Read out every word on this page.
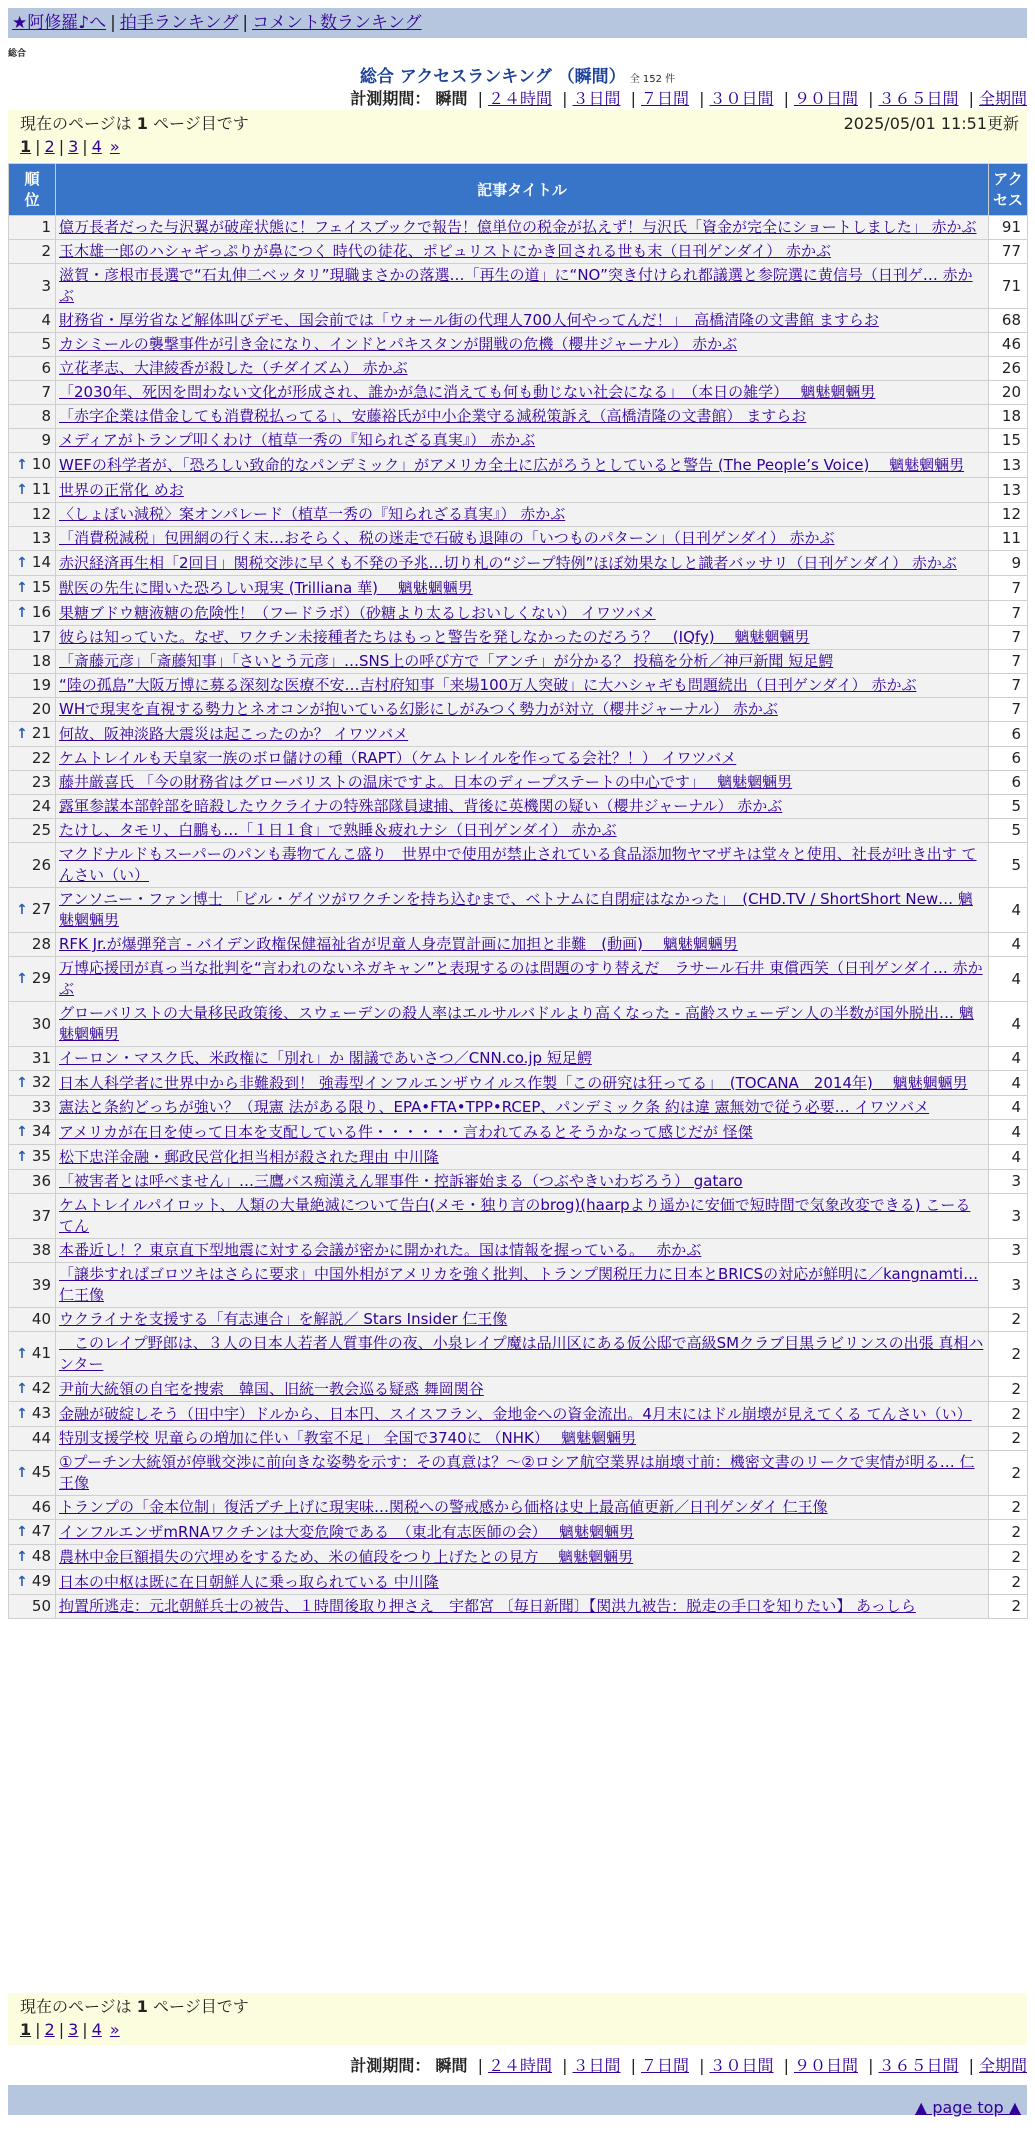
★阿修羅♪へ | 拍手ランキング | コメント数ランキング
総合
総合 アクセスランキング （瞬間） 全 152 件
計測期間： 瞬間 | ２４時間 | ３日間 | ７日間 | ３０日間 | ９０日間 | ３６５日間 | 全期間
現在のページは 1 ページ目です	2025/05/01 11:51更新
1 | 2 | 3 | 4 »
順位	記事タイトル	アクセス

1	億万長者だった与沢翼が破産状態に！フェイスブックで報告！億単位の税金が払えず！与沢氏「資金が完全にショートしました」 赤かぶ	91
2	玉木雄一郎のハシャギっぷりが鼻につく 時代の徒花、ポピュリストにかき回される世も末（日刊ゲンダイ） 赤かぶ	77
3	滋賀・彦根市長選で“石丸伸二ベッタリ”現職まさかの落選…「再生の道」に“NO”突き付けられ都議選と参院選に黄信号（日刊ゲ… 赤かぶ	71
4	財務省・厚労省など解体叫びデモ、国会前では「ウォール街の代理人700人何やってんだ！」　高橋清隆の文書館 ますらお	68
5	カシミールの襲撃事件が引き金になり、インドとパキスタンが開戦の危機（櫻井ジャーナル） 赤かぶ	46
6	立花孝志、大津綾香が殺した（チダイズム） 赤かぶ	26
7	「2030年、死因を問わない文化が形成され、誰かが急に消えても何も動じない社会になる」　（本日の雑学）　 魑魅魍魎男	20
8	「赤字企業は借金しても消費税払ってる」、安藤裕氏が中小企業守る減税策訴え（高橋清隆の文書館） ますらお	18
9	メディアがトランプ叩くわけ（植草一秀の『知られざる真実』） 赤かぶ	15
↑ 10	WEFの科学者が、「恐ろしい致命的なパンデミック」がアメリカ全土に広がろうとしていると警告 (The People’s Voice)　 魑魅魍魎男	13
↑ 11	世界の正常化 めお	13
12	〈しょぼい減税〉案オンパレード（植草一秀の『知られざる真実』） 赤かぶ	12
13	「消費税減税」包囲網の行く末…おそらく、税の迷走で石破も退陣の「いつものパターン」（日刊ゲンダイ） 赤かぶ	11
↑ 14	赤沢経済再生相「2回目」関税交渉に早くも不発の予兆…切り札の“ジープ特例”ほぼ効果なしと識者バッサリ（日刊ゲンダイ） 赤かぶ	9
↑ 15	獣医の先生に聞いた恐ろしい現実 (Trilliana 華)　 魑魅魍魎男	7
↑ 16	果糖ブドウ糖液糖の危険性！（フードラボ）（砂糖より太るしおいしくない） イワツバメ	7
17	彼らは知っていた。なぜ、ワクチン未接種者たちはもっと警告を発しなかったのだろう？　(IQfy)　 魑魅魍魎男	7
18	「斎藤元彦」「斎藤知事」「さいとう元彦」…SNS上の呼び方で「アンチ」が分かる？ 投稿を分析／神戸新聞 短足鰐	7
19	“陸の孤島”大阪万博に募る深刻な医療不安…吉村府知事「来場100万人突破」に大ハシャギも問題続出（日刊ゲンダイ） 赤かぶ	7
20	WHで現実を直視する勢力とネオコンが抱いている幻影にしがみつく勢力が対立（櫻井ジャーナル） 赤かぶ	7
↑ 21	何故、阪神淡路大震災は起こったのか？ イワツバメ	6
22	ケムトレイルも天皇家一族のボロ儲けの種（RAPT）（ケムトレイルを作ってる会社？！） イワツバメ	6
23	藤井厳喜氏 「今の財務省はグローバリストの温床ですよ。日本のディープステートの中心です」　 魑魅魍魎男	6
24	露軍参謀本部幹部を暗殺したウクライナの特殊部隊員逮捕、背後に英機関の疑い（櫻井ジャーナル） 赤かぶ	5
25	たけし、タモリ、白鵬も…「１日１食」で熟睡＆疲れナシ（日刊ゲンダイ） 赤かぶ	5
26	マクドナルドもスーパーのパンも毒物てんこ盛り　世界中で使用が禁止されている食品添加物ヤマザキは堂々と使用、社長が吐き出す てんさい（い）	5
↑ 27	アンソニー・ファン博士 「ビル・ゲイツがワクチンを持ち込むまで、ベトナムに自閉症はなかった」　(CHD.TV / ShortShort New… 魑魅魍魎男	4
28	RFK Jr.が爆弾発言 - バイデン政権保健福祉省が児童人身売買計画に加担と非難　(動画)　 魑魅魍魎男	4
↑ 29	万博応援団が真っ当な批判を“言われのないネガキャン”と表現するのは問題のすり替えだ　ラサール石井 東償西笑（日刊ゲンダイ… 赤かぶ	4
30	グローバリストの大量移民政策後、スウェーデンの殺人率はエルサルバドルより高くなった - 高齢スウェーデン人の半数が国外脱出… 魑魅魍魎男	4
31	イーロン・マスク氏、米政権に「別れ」か 閣議であいさつ／CNN.co.jp 短足鰐	4
↑ 32	日本人科学者に世界中から非難殺到！ 強毒型インフルエンザウイルス作製「この研究は狂ってる」　(TOCANA　2014年)　 魑魅魍魎男	4
33	憲法と条約どっちが強い？（現憲 法がある限り、EPA•FTA•TPP•RCEP、パンデミック条 約は違 憲無効で従う必要… イワツバメ	4
↑ 34	アメリカが在日を使って日本を支配している件・・・・・・言われてみるとそうかなって感じだが 怪傑	4
↑ 35	松下忠洋金融・郵政民営化担当相が殺された理由 中川隆	4
36	「被害者とは呼べません」…三鷹バス痴漢えん罪事件・控訴審始まる（つぶやきいわぢろう） gataro	3
37	ケムトレイルパイロット、人類の大量絶滅について告白(メモ・独り言のbrog)(haarpより遥かに安価で短時間で気象改変できる) こーるてん	3
38	本番近し！？東京直下型地震に対する会議が密かに開かれた。国は情報を握っている。　 赤かぶ	3
39	「譲歩すればゴロツキはさらに要求」中国外相がアメリカを強く批判、トランプ関税圧力に日本とBRICSの対応が鮮明に／kangnamti… 仁王像	3
40	ウクライナを支援する「有志連合」を解説／ Stars Insider 仁王像	2
↑ 41	　このレイプ野郎は、３人の日本人若者人質事件の夜、小泉レイプ魔は品川区にある仮公邸で高級SMクラブ目黒ラビリンスの出張 真相ハンター	2
↑ 42	尹前大統領の自宅を捜索　韓国、旧統一教会巡る疑惑 舞岡関谷	2
↑ 43	金融が破綻しそう（田中宇）ドルから、日本円、スイスフラン、金地金への資金流出。4月末にはドル崩壊が見えてくる てんさい（い）	2
44	特別支援学校 児童らの増加に伴い「教室不足」 全国で3740に （NHK）　 魑魅魍魎男	2
↑ 45	①プーチン大統領が停戦交渉に前向きな姿勢を示す：その真意は？〜②ロシア航空業界は崩壊寸前：機密文書のリークで実情が明る… 仁王像	2
46	トランプの「金本位制」復活ブチ上げに現実味…関税への警戒感から価格は史上最高値更新／日刊ゲンダイ 仁王像	2
↑ 47	インフルエンザmRNAワクチンは大変危険である　（東北有志医師の会）　 魑魅魍魎男	2
↑ 48	農林中金巨額損失の穴埋めをするため、米の値段をつり上げたとの見方　 魑魅魍魎男	2
↑ 49	日本の中枢は既に在日朝鮮人に乗っ取られている 中川隆	2
50	拘置所逃走：元北朝鮮兵士の被告、１時間後取り押さえ　宇都宮 〔毎日新聞〕【関洪九被告：脱走の手口を知りたい】 あっしら	2
現在のページは 1 ページ目です
1 | 2 | 3 | 4 »
計測期間： 瞬間 | ２４時間 | ３日間 | ７日間 | ３０日間 | ９０日間 | ３６５日間 | 全期間
▲ page top ▲
